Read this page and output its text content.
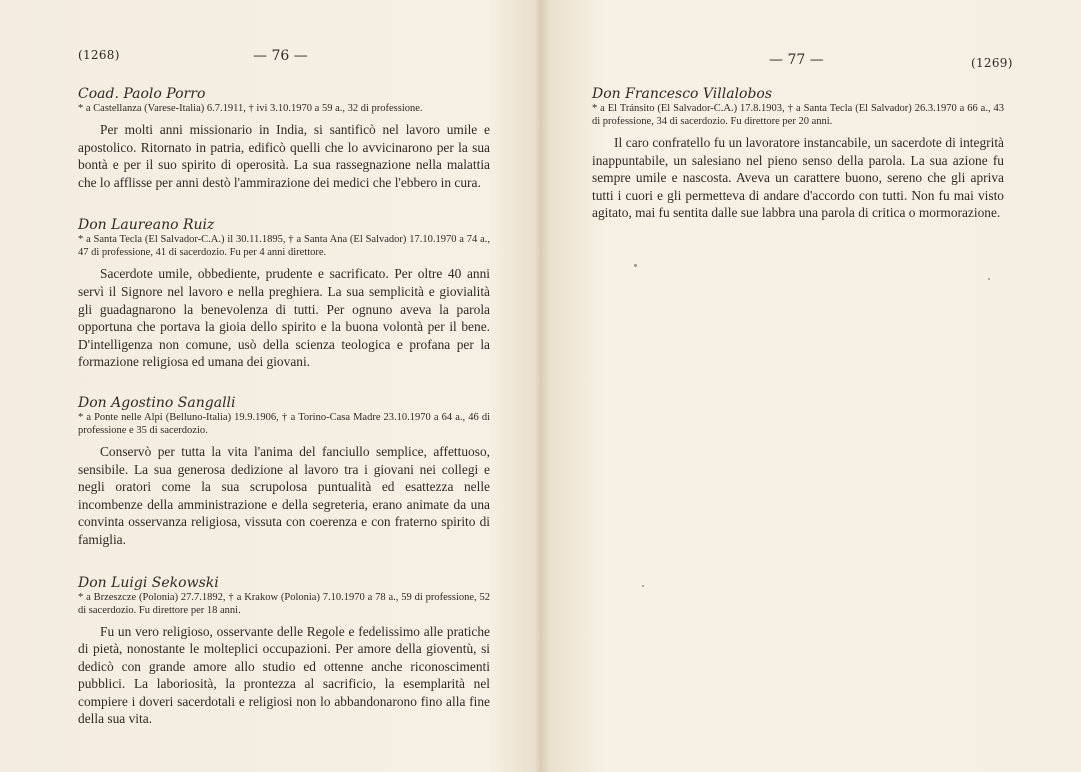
(1268)	— 76 —

Coad. Paolo Porro

* a Castellanza (Varese-Italia) 6.7.1911, † ivi 3.10.1970 a 59 a., 32 di professione.

Per molti anni missionario in India, si santificò nel lavoro umile e apostolico. Ritornato in patria, edificò quelli che lo avvicinarono per la sua bontà e per il suo spirito di operosità. La sua rassegnazione nella malattia che lo afflisse per anni destò l'ammirazione dei medici che l'ebbero in cura.

Don Laureano Ruiz

* a Santa Tecla (El Salvador-C.A.) il 30.11.1895, † a Santa Ana (El Salvador) 17.10.1970 a 74 a., 47 di professione, 41 di sacerdozio. Fu per 4 anni direttore.

Sacerdote umile, obbediente, prudente e sacrificato. Per oltre 40 anni servì il Signore nel lavoro e nella preghiera. La sua semplicità e giovialità gli guadagnarono la benevolenza di tutti. Per ognuno aveva la parola opportuna che portava la gioia dello spirito e la buona volontà per il bene. D'intelligenza non comune, usò della scienza teologica e profana per la formazione religiosa ed umana dei giovani.

Don Agostino Sangalli

* a Ponte nelle Alpi (Belluno-Italia) 19.9.1906, † a Torino-Casa Madre 23.10.1970 a 64 a., 46 di professione e 35 di sacerdozio.

Conservò per tutta la vita l'anima del fanciullo semplice, affettuoso, sensibile. La sua generosa dedizione al lavoro tra i giovani nei collegi e negli oratori come la sua scrupolosa puntualità ed esattezza nelle incombenze della amministrazione e della segreteria, erano animate da una convinta osservanza religiosa, vissuta con coerenza e con fraterno spirito di famiglia.

Don Luigi Sekowski

* a Brzeszcze (Polonia) 27.7.1892, † a Krakow (Polonia) 7.10.1970 a 78 a., 59 di professione, 52 di sacerdozio. Fu direttore per 18 anni.

Fu un vero religioso, osservante delle Regole e fedelissimo alle pratiche di pietà, nonostante le molteplici occupazioni. Per amore della gioventù, si dedicò con grande amore allo studio ed ottenne anche riconoscimenti pubblici. La laboriosità, la prontezza al sacrificio, la esemplarità nel compiere i doveri sacerdotali e religiosi non lo abbandonarono fino alla fine della sua vita.

— 77 —	(1269)

Don Francesco Villalobos

* a El Tránsito (El Salvador-C.A.) 17.8.1903, † a Santa Tecla (El Salvador) 26.3.1970 a 66 a., 43 di professione, 34 di sacerdozio. Fu direttore per 20 anni.

Il caro confratello fu un lavoratore instancabile, un sacerdote di integrità inappuntabile, un salesiano nel pieno senso della parola. La sua azione fu sempre umile e nascosta. Aveva un carattere buono, sereno che gli apriva tutti i cuori e gli permetteva di andare d'accordo con tutti. Non fu mai visto agitato, mai fu sentita dalle sue labbra una parola di critica o mormorazione.
